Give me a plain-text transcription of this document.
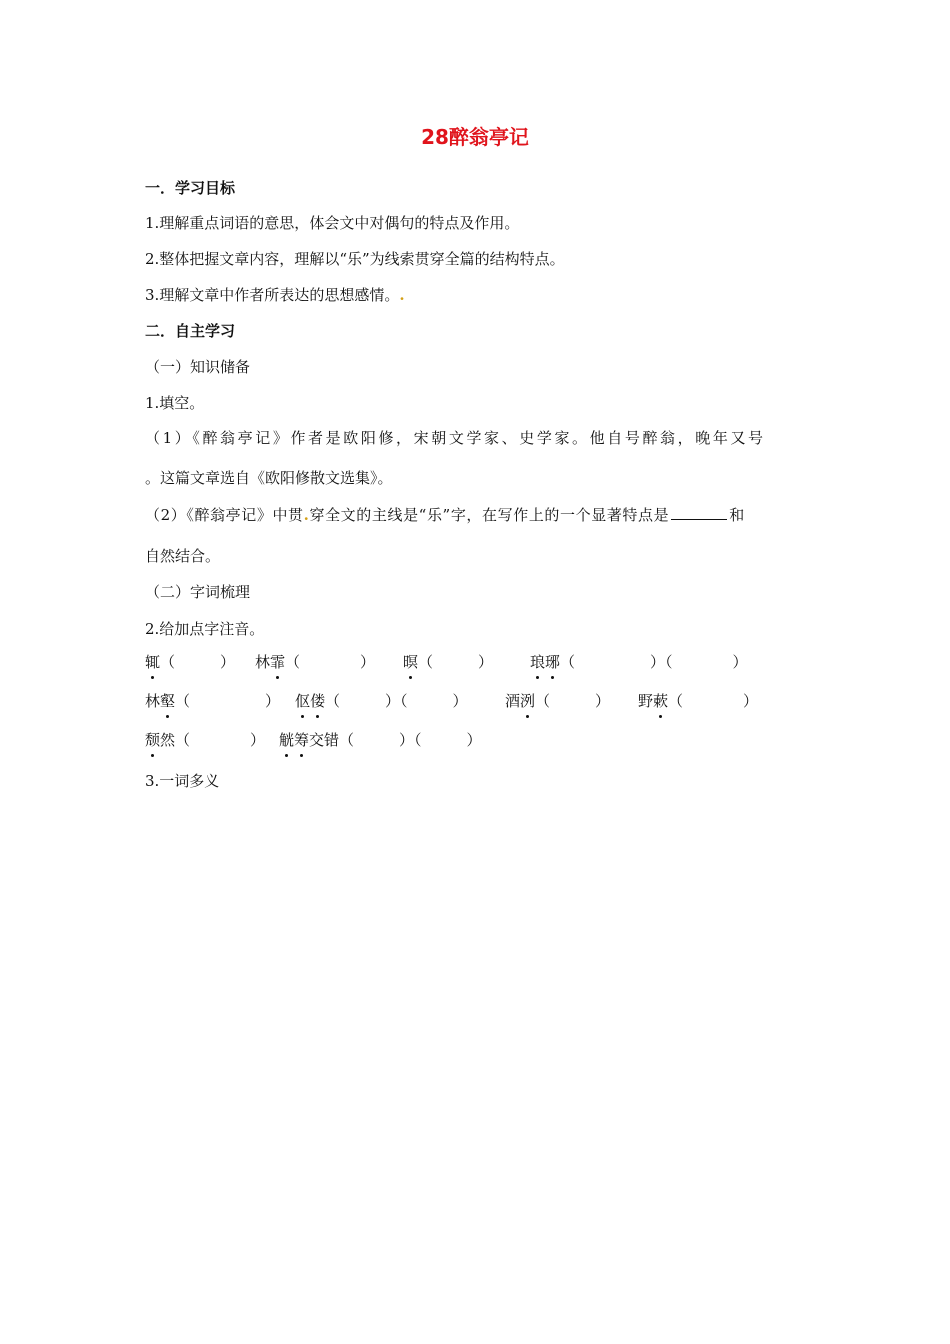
28醉翁亭记
一．学习目标
1.理解重点词语的意思，体会文中对偶句的特点及作用。
2.整体把握文章内容，理解以“乐”为线索贯穿全篇的结构特点。
3.理解文章中作者所表达的思想感情。.
二．自主学习
（一）知识储备
1.填空。
（1）《醉翁亭记》作者是欧阳修，宋朝文学家、史学家。他自号醉翁，晚年又号
。这篇文章选自《欧阳修散文选集》。
（2）《醉翁亭记》中贯.穿全文的主线是“乐”字，在写作上的一个显著特点是	和
自然结合。
（二）字词梳理
2.给加点字注音。
辄（　　　） 林霏（　　　　） 暝（　　　） 琅琊（　　　　　）（　　　　）
林壑（　　　　　） 伛偻（　　　）（　　　） 酒洌（　　　） 野蔌（　　　　）
颓然（　　　　） 觥筹交错（　　　）（　　　）
3.一词多义
